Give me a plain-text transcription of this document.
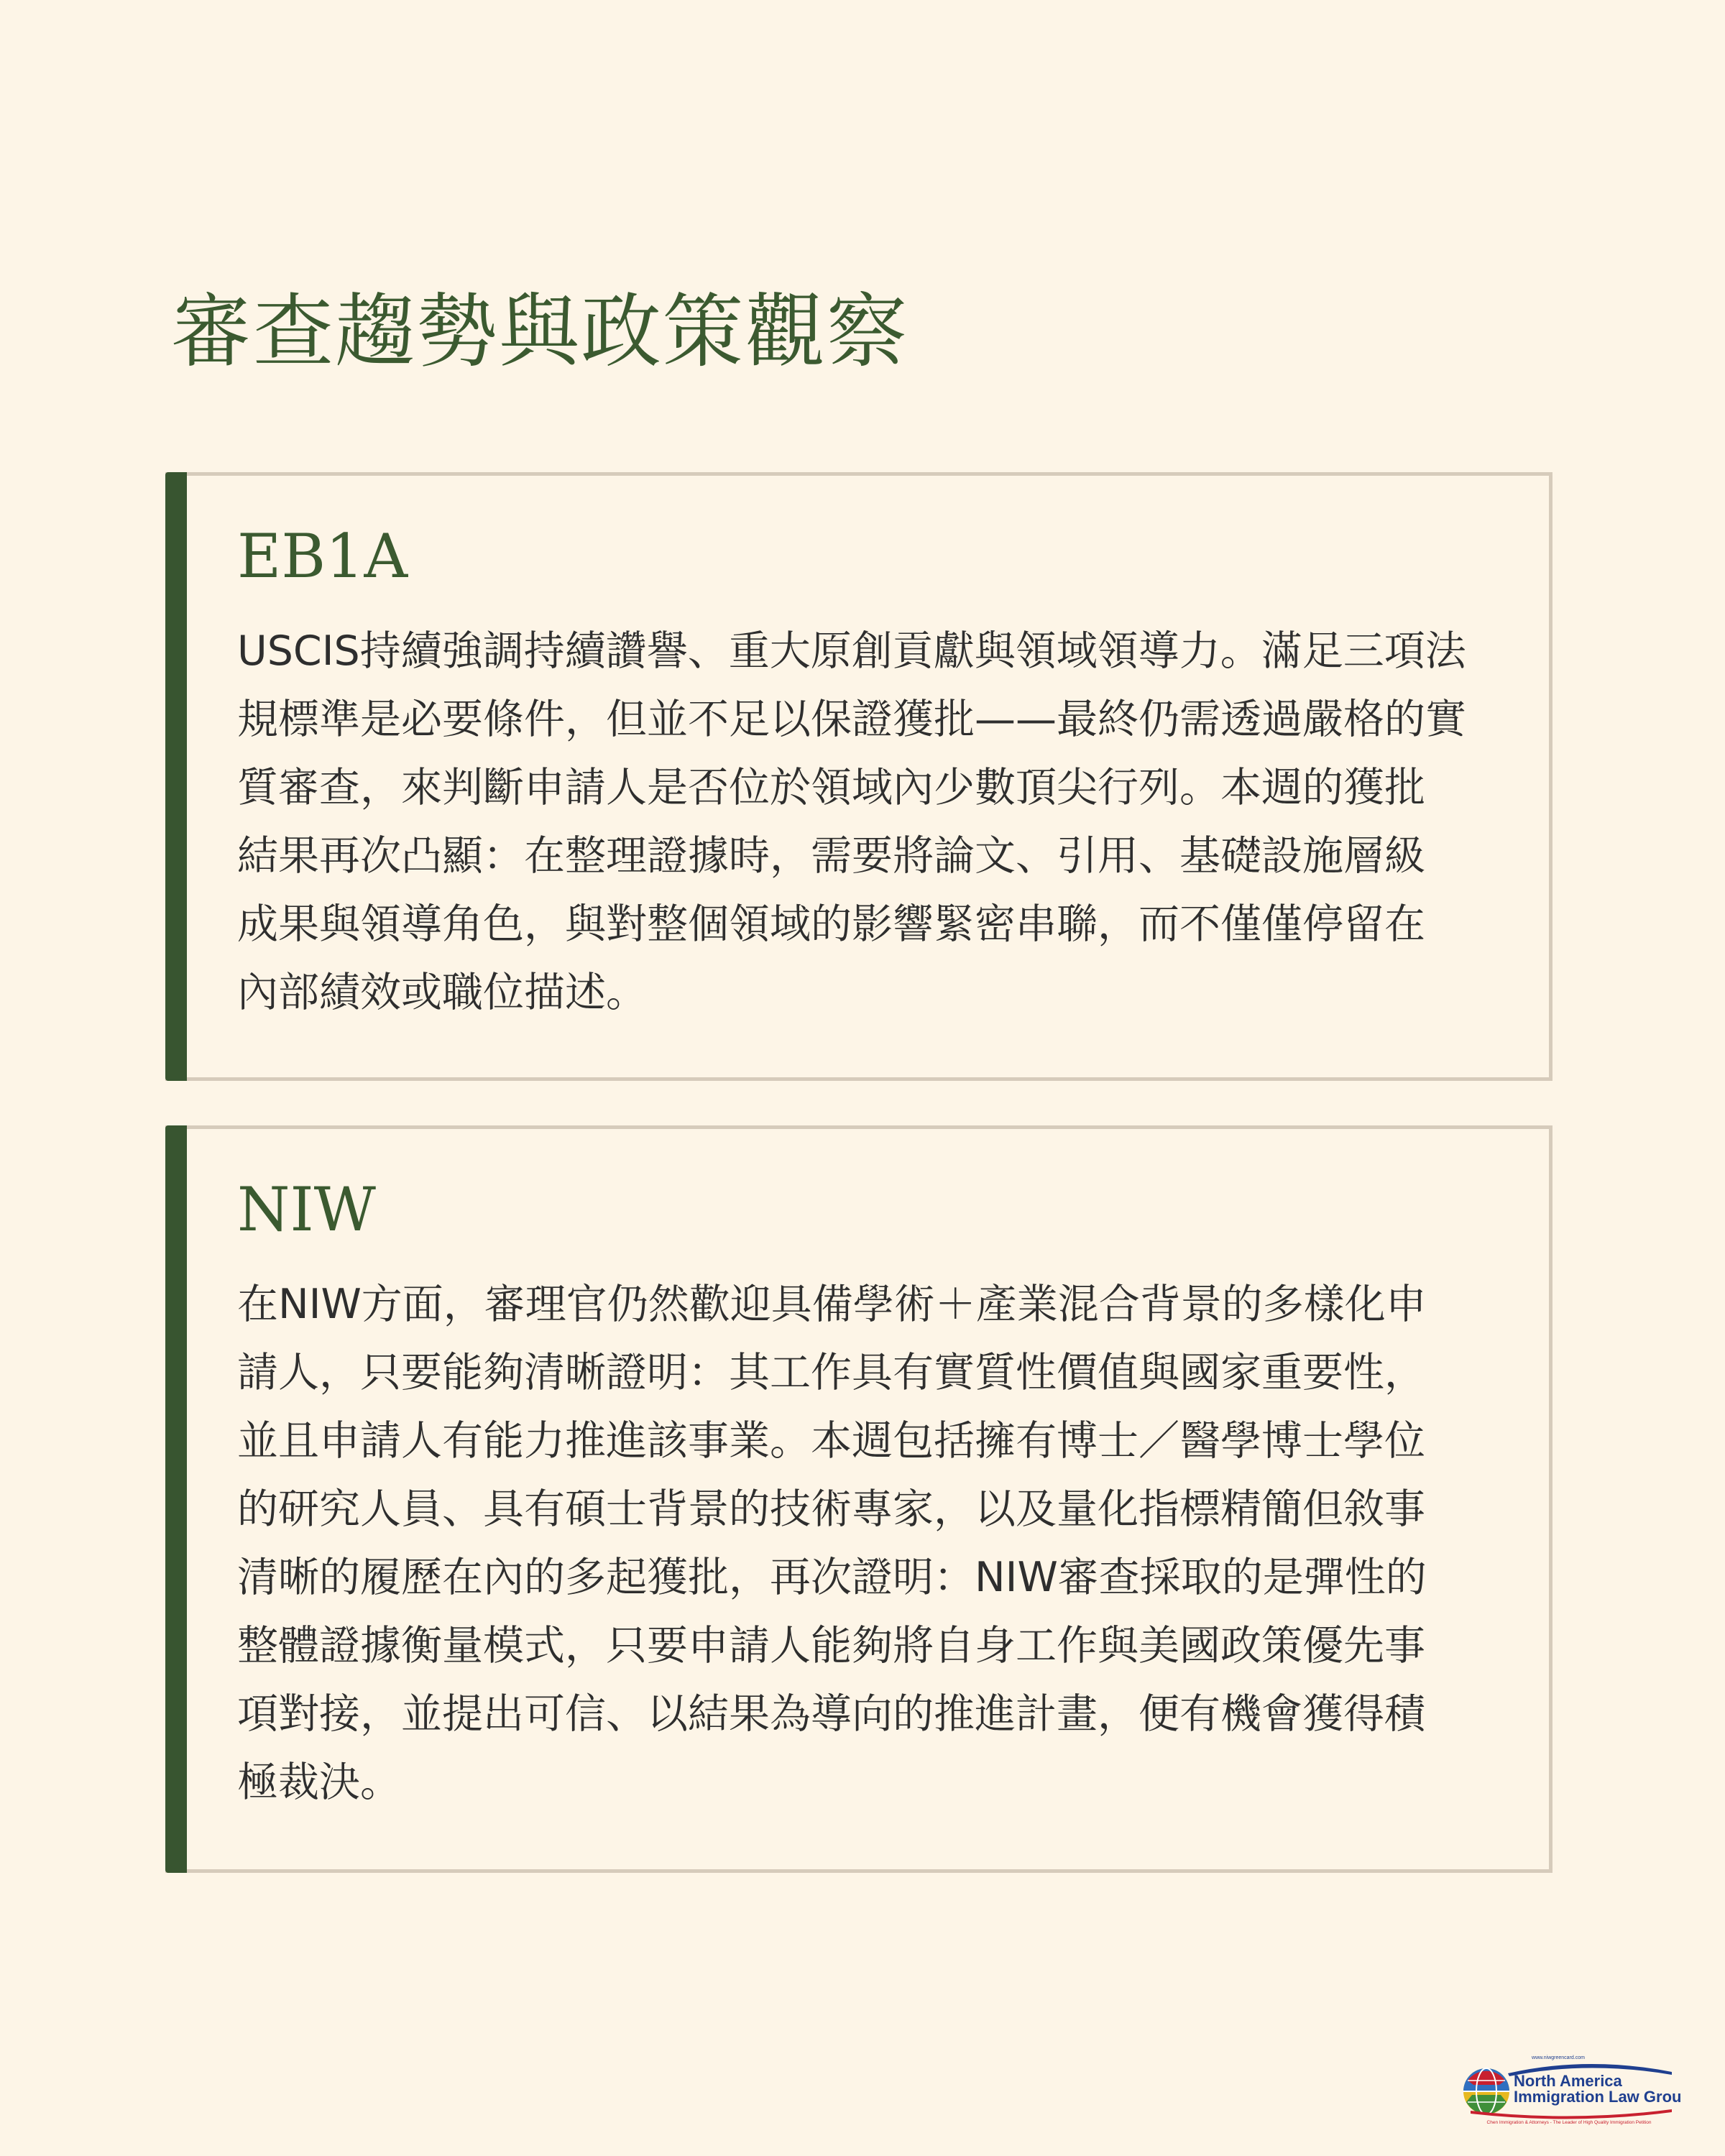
審查趨勢與政策觀察
EB1A

USCIS持續強調持續讚譽、重大原創貢獻與領域領導力。滿足三項法
規標準是必要條件，但並不足以保證獲批——最終仍需透過嚴格的實
質審查，來判斷申請人是否位於領域內少數頂尖行列。本週的獲批
結果再次凸顯：在整理證據時，需要將論文、引用、基礎設施層級
成果與領導角色，與對整個領域的影響緊密串聯，而不僅僅停留在
內部績效或職位描述。

NIW

在NIW方面，審理官仍然歡迎具備學術＋產業混合背景的多樣化申
請人，只要能夠清晰證明：其工作具有實質性價值與國家重要性，
並且申請人有能力推進該事業。本週包括擁有博士／醫學博士學位
的研究人員、具有碩士背景的技術專家，以及量化指標精簡但敘事
清晰的履歷在內的多起獲批，再次證明：NIW審查採取的是彈性的
整體證據衡量模式，只要申請人能夠將自身工作與美國政策優先事
項對接，並提出可信、以結果為導向的推進計畫，便有機會獲得積
極裁決。

www.niwgreencard.com
North America
Immigration Law Group
Chen Immigration & Attorneys - The Leader of High Quality Immigration Petition
